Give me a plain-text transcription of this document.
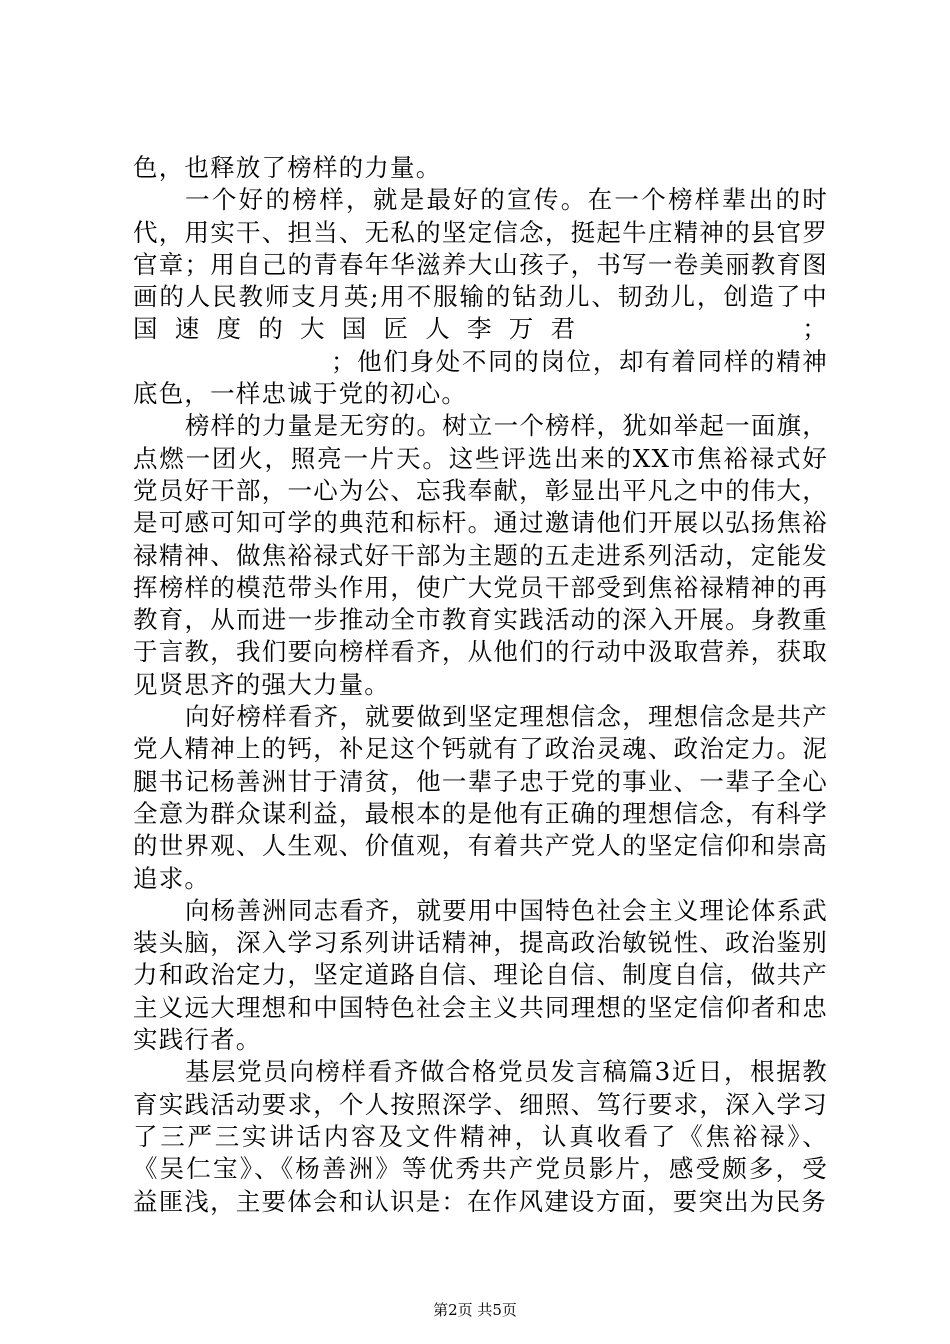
色，也释放了榜样的力量。

一个好的榜样，就是最好的宣传。在一个榜样辈出的时代，用实干、担当、无私的坚定信念，挺起牛庄精神的县官罗官章；用自己的青春年华滋养大山孩子，书写一卷美丽教育图画的人民教师支月英;用不服输的钻劲儿、韧劲儿，创造了中国速度的大国匠人李万君	；；他们身处不同的岗位，却有着同样的精神底色，一样忠诚于党的初心。

榜样的力量是无穷的。树立一个榜样，犹如举起一面旗，点燃一团火，照亮一片天。这些评选出来的XX市焦裕禄式好党员好干部，一心为公、忘我奉献，彰显出平凡之中的伟大，是可感可知可学的典范和标杆。通过邀请他们开展以弘扬焦裕禄精神、做焦裕禄式好干部为主题的五走进系列活动，定能发挥榜样的模范带头作用，使广大党员干部受到焦裕禄精神的再教育，从而进一步推动全市教育实践活动的深入开展。身教重于言教，我们要向榜样看齐，从他们的行动中汲取营养，获取见贤思齐的强大力量。

向好榜样看齐，就要做到坚定理想信念，理想信念是共产党人精神上的钙，补足这个钙就有了政治灵魂、政治定力。泥腿书记杨善洲甘于清贫，他一辈子忠于党的事业、一辈子全心全意为群众谋利益，最根本的是他有正确的理想信念，有科学的世界观、人生观、价值观，有着共产党人的坚定信仰和崇高追求。

向杨善洲同志看齐，就要用中国特色社会主义理论体系武装头脑，深入学习系列讲话精神，提高政治敏锐性、政治鉴别力和政治定力，坚定道路自信、理论自信、制度自信，做共产主义远大理想和中国特色社会主义共同理想的坚定信仰者和忠实践行者。

基层党员向榜样看齐做合格党员发言稿篇3近日，根据教育实践活动要求，个人按照深学、细照、笃行要求，深入学习了三严三实讲话内容及文件精神，认真收看了《焦裕禄》、《吴仁宝》、《杨善洲》等优秀共产党员影片，感受颇多，受益匪浅，主要体会和认识是：在作风建设方面，要突出为民务

第2页 共5页
